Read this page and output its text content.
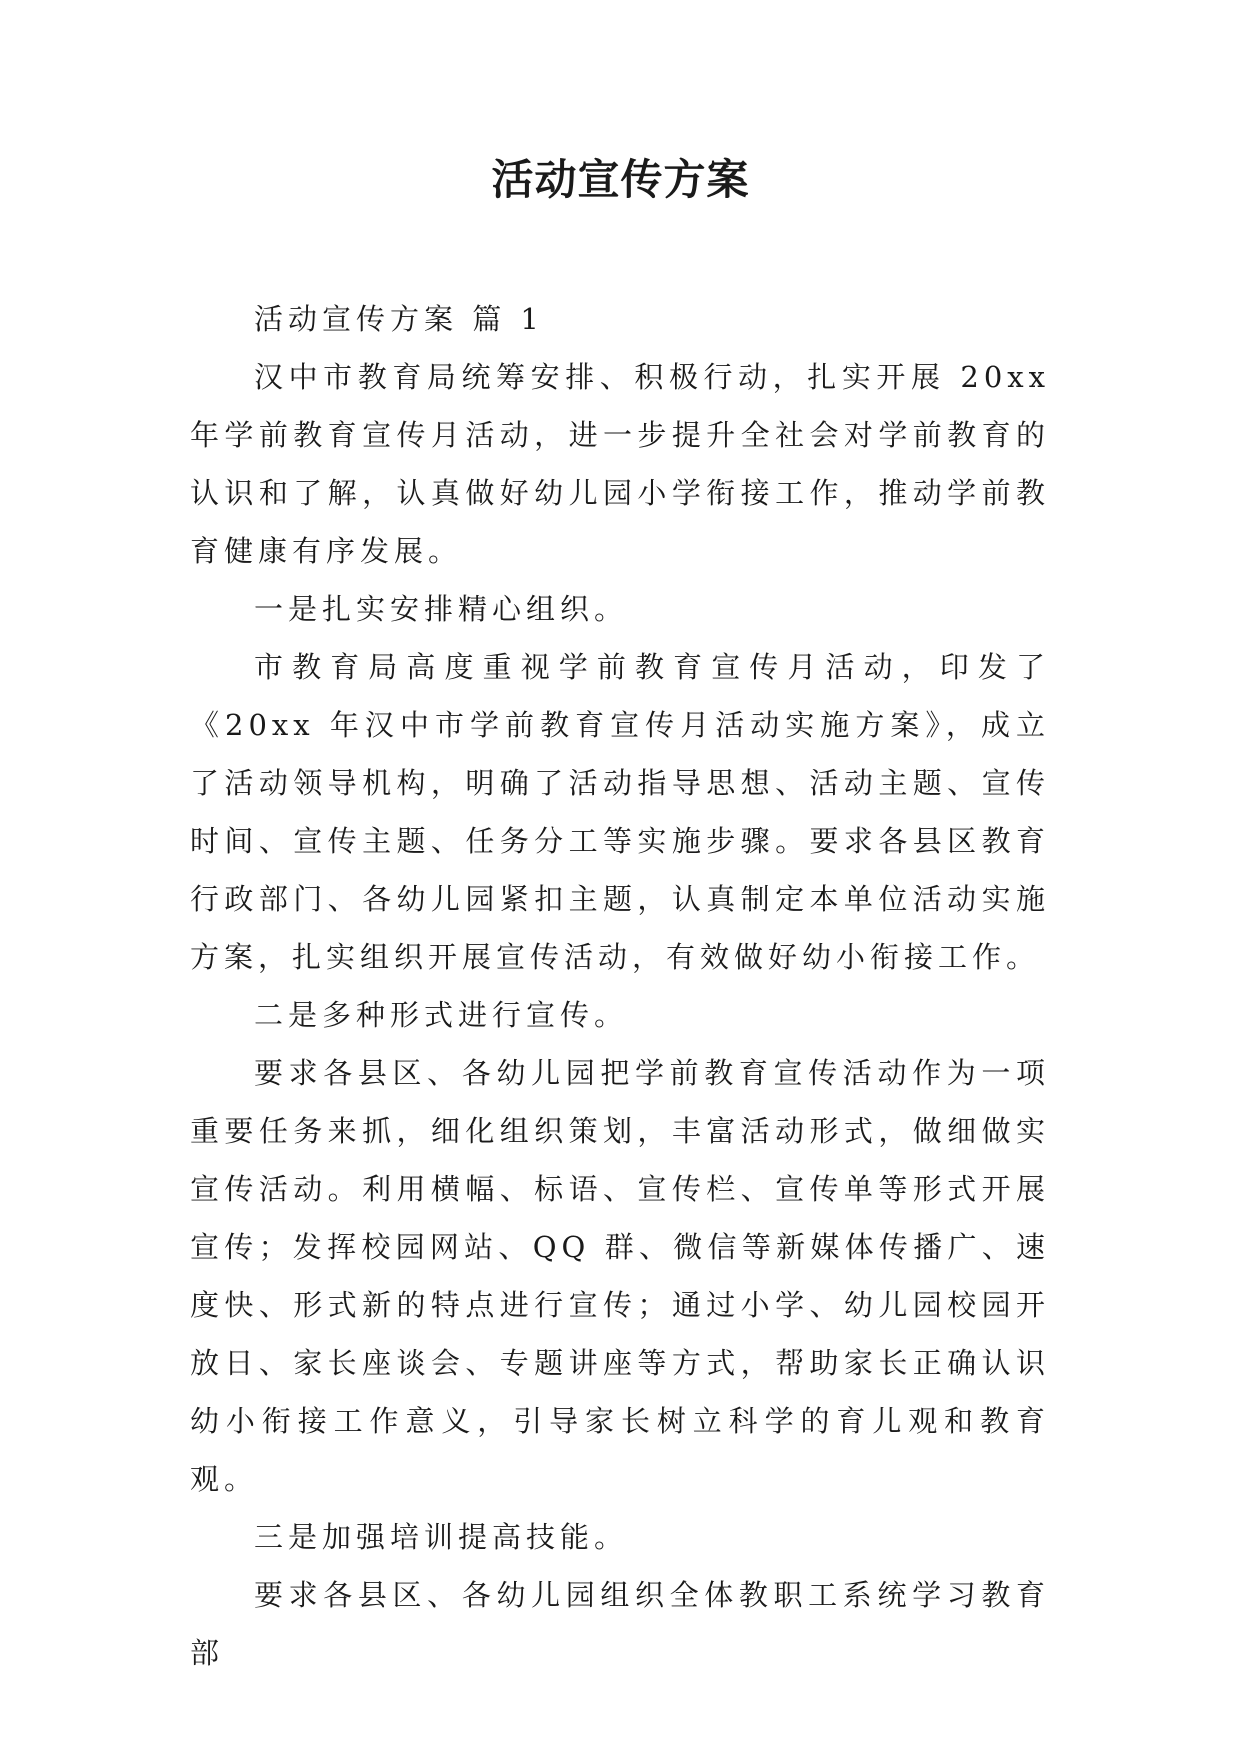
活动宣传方案

活动宣传方案 篇 1

汉中市教育局统筹安排、积极行动，扎实开展 20xx 年学前教育宣传月活动，进一步提升全社会对学前教育的认识和了解，认真做好幼儿园小学衔接工作，推动学前教育健康有序发展。

一是扎实安排精心组织。

市教育局高度重视学前教育宣传月活动，印发了《20xx 年汉中市学前教育宣传月活动实施方案》，成立了活动领导机构，明确了活动指导思想、活动主题、宣传时间、宣传主题、任务分工等实施步骤。要求各县区教育行政部门、各幼儿园紧扣主题，认真制定本单位活动实施方案，扎实组织开展宣传活动，有效做好幼小衔接工作。

二是多种形式进行宣传。

要求各县区、各幼儿园把学前教育宣传活动作为一项重要任务来抓，细化组织策划，丰富活动形式，做细做实宣传活动。利用横幅、标语、宣传栏、宣传单等形式开展宣传；发挥校园网站、QQ 群、微信等新媒体传播广、速度快、形式新的特点进行宣传；通过小学、幼儿园校园开放日、家长座谈会、专题讲座等方式，帮助家长正确认识幼小衔接工作意义，引导家长树立科学的育儿观和教育观。

三是加强培训提高技能。

要求各县区、各幼儿园组织全体教职工系统学习教育部
